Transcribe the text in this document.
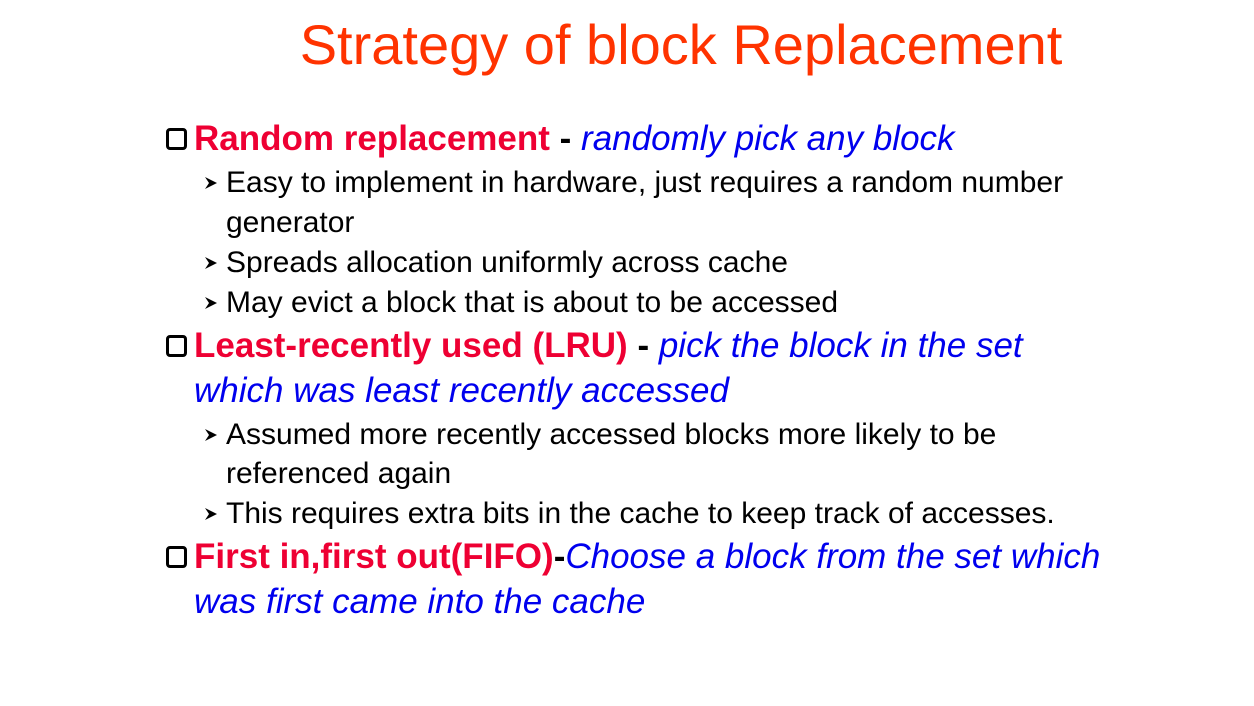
Strategy of block Replacement
Random replacement - randomly pick any block
Easy to implement in hardware, just requires a random number generator
Spreads allocation uniformly across cache
May evict a block that is about to be accessed
Least-recently used (LRU) - pick the block in the set which was least recently accessed
Assumed more recently accessed blocks more likely to be referenced again
This requires extra bits in the cache to keep track of accesses.
First in,first out(FIFO)-Choose a block from the set which was first came into the cache
